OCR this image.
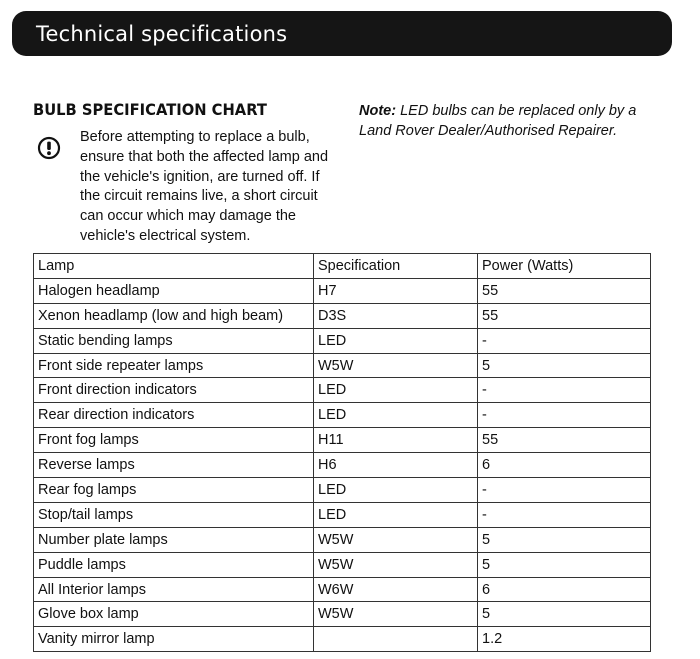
Technical specifications
BULB SPECIFICATION CHART	Note: LED bulbs can be replaced only by a Land Rover Dealer/Authorised Repairer.
Before attempting to replace a bulb, ensure that both the affected lamp and the vehicle's ignition, are turned off. If the circuit remains live, a short circuit can occur which may damage the vehicle's electrical system.
Lamp	Specification	Power (Watts)
Halogen headlamp	H7	55
Xenon headlamp (low and high beam)	D3S	55
Static bending lamps	LED	-
Front side repeater lamps	W5W	5
Front direction indicators	LED	-
Rear direction indicators	LED	-
Front fog lamps	H11	55
Reverse lamps	H6	6
Rear fog lamps	LED	-
Stop/tail lamps	LED	-
Number plate lamps	W5W	5
Puddle lamps	W5W	5
All Interior lamps	W6W	6
Glove box lamp	W5W	5
Vanity mirror lamp		1.2
